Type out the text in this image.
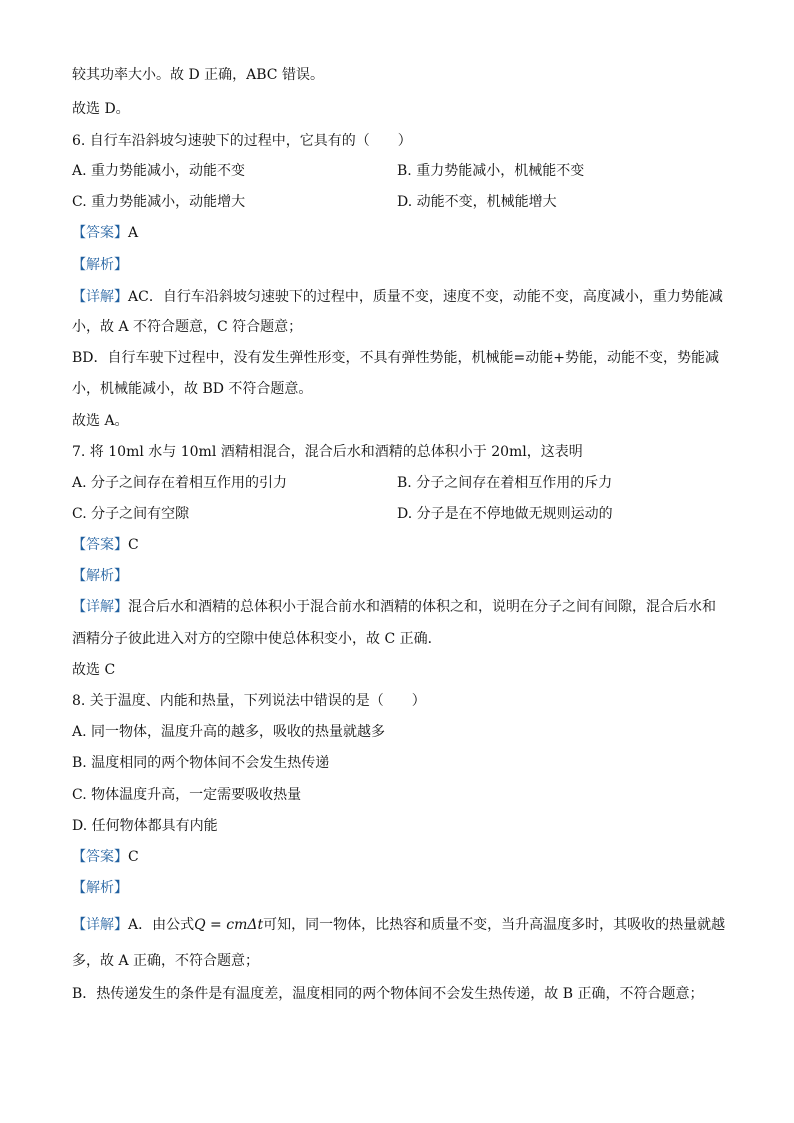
较其功率大小。故 D 正确，ABC 错误。
故选 D。
6. 自行车沿斜坡匀速驶下的过程中，它具有的（　　）
A. 重力势能减小，动能不变	B. 重力势能减小，机械能不变
C. 重力势能减小，动能增大	D. 动能不变，机械能增大
【答案】A
【解析】
【详解】AC．自行车沿斜坡匀速驶下的过程中，质量不变，速度不变，动能不变，高度减小，重力势能减
小，故 A 不符合题意，C 符合题意；
BD．自行车驶下过程中，没有发生弹性形变，不具有弹性势能，机械能=动能+势能，动能不变，势能减
小，机械能减小，故 BD 不符合题意。
故选 A。
7. 将 10ml 水与 10ml 酒精相混合，混合后水和酒精的总体积小于 20ml，这表明
A. 分子之间存在着相互作用的引力	B. 分子之间存在着相互作用的斥力
C. 分子之间有空隙	D. 分子是在不停地做无规则运动的
【答案】C
【解析】
【详解】混合后水和酒精的总体积小于混合前水和酒精的体积之和，说明在分子之间有间隙，混合后水和
酒精分子彼此进入对方的空隙中使总体积变小，故 C 正确．
故选 C
8. 关于温度、内能和热量，下列说法中错误的是（　　）
A. 同一物体，温度升高的越多，吸收的热量就越多
B. 温度相同的两个物体间不会发生热传递
C. 物体温度升高，一定需要吸收热量
D. 任何物体都具有内能
【答案】C
【解析】
【详解】A．由公式Q = cmΔt可知，同一物体，比热容和质量不变，当升高温度多时，其吸收的热量就越
多，故 A 正确，不符合题意；
B．热传递发生的条件是有温度差，温度相同的两个物体间不会发生热传递，故 B 正确，不符合题意；
